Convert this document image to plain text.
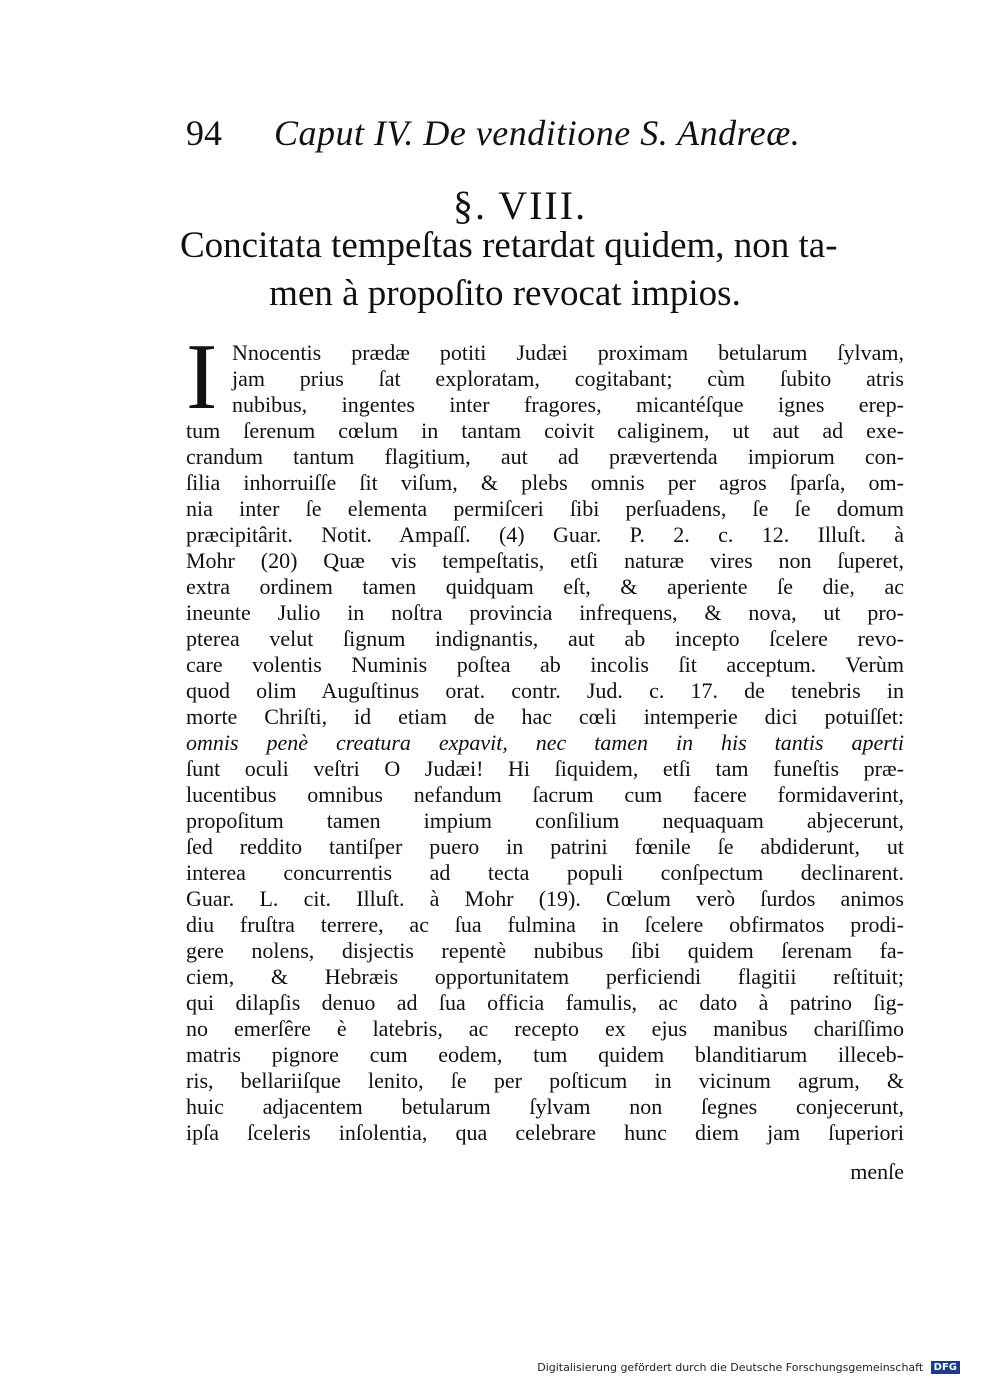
94 Caput IV. De venditione S. Andreæ.
§. VIII.
Concitata tempeſtas retardat quidem, non ta-
men à propoſito revocat impios.
I Nnocentis prædæ potiti Judæi proximam betularum ſylvam,
jam prius ſat exploratam, cogitabant; cùm ſubito atris
nubibus, ingentes inter fragores, micantéſque ignes erep-
tum ſerenum cœlum in tantam coivit caliginem, ut aut ad exe-
crandum tantum flagitium, aut ad prævertenda impiorum con-
ſilia inhorruiſſe ſit viſum, & plebs omnis per agros ſparſa, om-
nia inter ſe elementa permiſceri ſibi perſuadens, ſe ſe domum
præcipitârit. Notit. Ampaſſ. (4) Guar. P. 2. c. 12. Illuſt. à
Mohr (20) Quæ vis tempeſtatis, etſi naturæ vires non ſuperet,
extra ordinem tamen quidquam eſt, & aperiente ſe die, ac
ineunte Julio in noſtra provincia infrequens, & nova, ut pro-
pterea velut ſignum indignantis, aut ab incepto ſcelere revo-
care volentis Numinis poſtea ab incolis ſit acceptum. Verùm
quod olim Auguſtinus orat. contr. Jud. c. 17. de tenebris in
morte Chriſti, id etiam de hac cœli intemperie dici potuiſſet:
omnis penè creatura expavit, nec tamen in his tantis aperti
ſunt oculi veſtri O Judæi! Hi ſiquidem, etſi tam funeſtis præ-
lucentibus omnibus nefandum ſacrum cum facere formidaverint,
propoſitum tamen impium conſilium nequaquam abjecerunt,
ſed reddito tantiſper puero in patrini fœnile ſe abdiderunt, ut
interea concurrentis ad tecta populi conſpectum declinarent.
Guar. L. cit. Illuſt. à Mohr (19). Cœlum verò ſurdos animos
diu fruſtra terrere, ac ſua fulmina in ſcelere obfirmatos prodi-
gere nolens, disjectis repentè nubibus ſibi quidem ſerenam fa-
ciem, & Hebræis opportunitatem perficiendi flagitii reſtituit;
qui dilapſis denuo ad ſua officia famulis, ac dato à patrino ſig-
no emerſêre è latebris, ac recepto ex ejus manibus chariſſimo
matris pignore cum eodem, tum quidem blanditiarum illeceb-
ris, bellariiſque lenito, ſe per poſticum in vicinum agrum, &
huic adjacentem betularum ſylvam non ſegnes conjecerunt,
ipſa ſceleris inſolentia, qua celebrare hunc diem jam ſuperiori
menſe
Digitalisierung gefördert durch die Deutsche Forschungsgemeinschaft DFG
